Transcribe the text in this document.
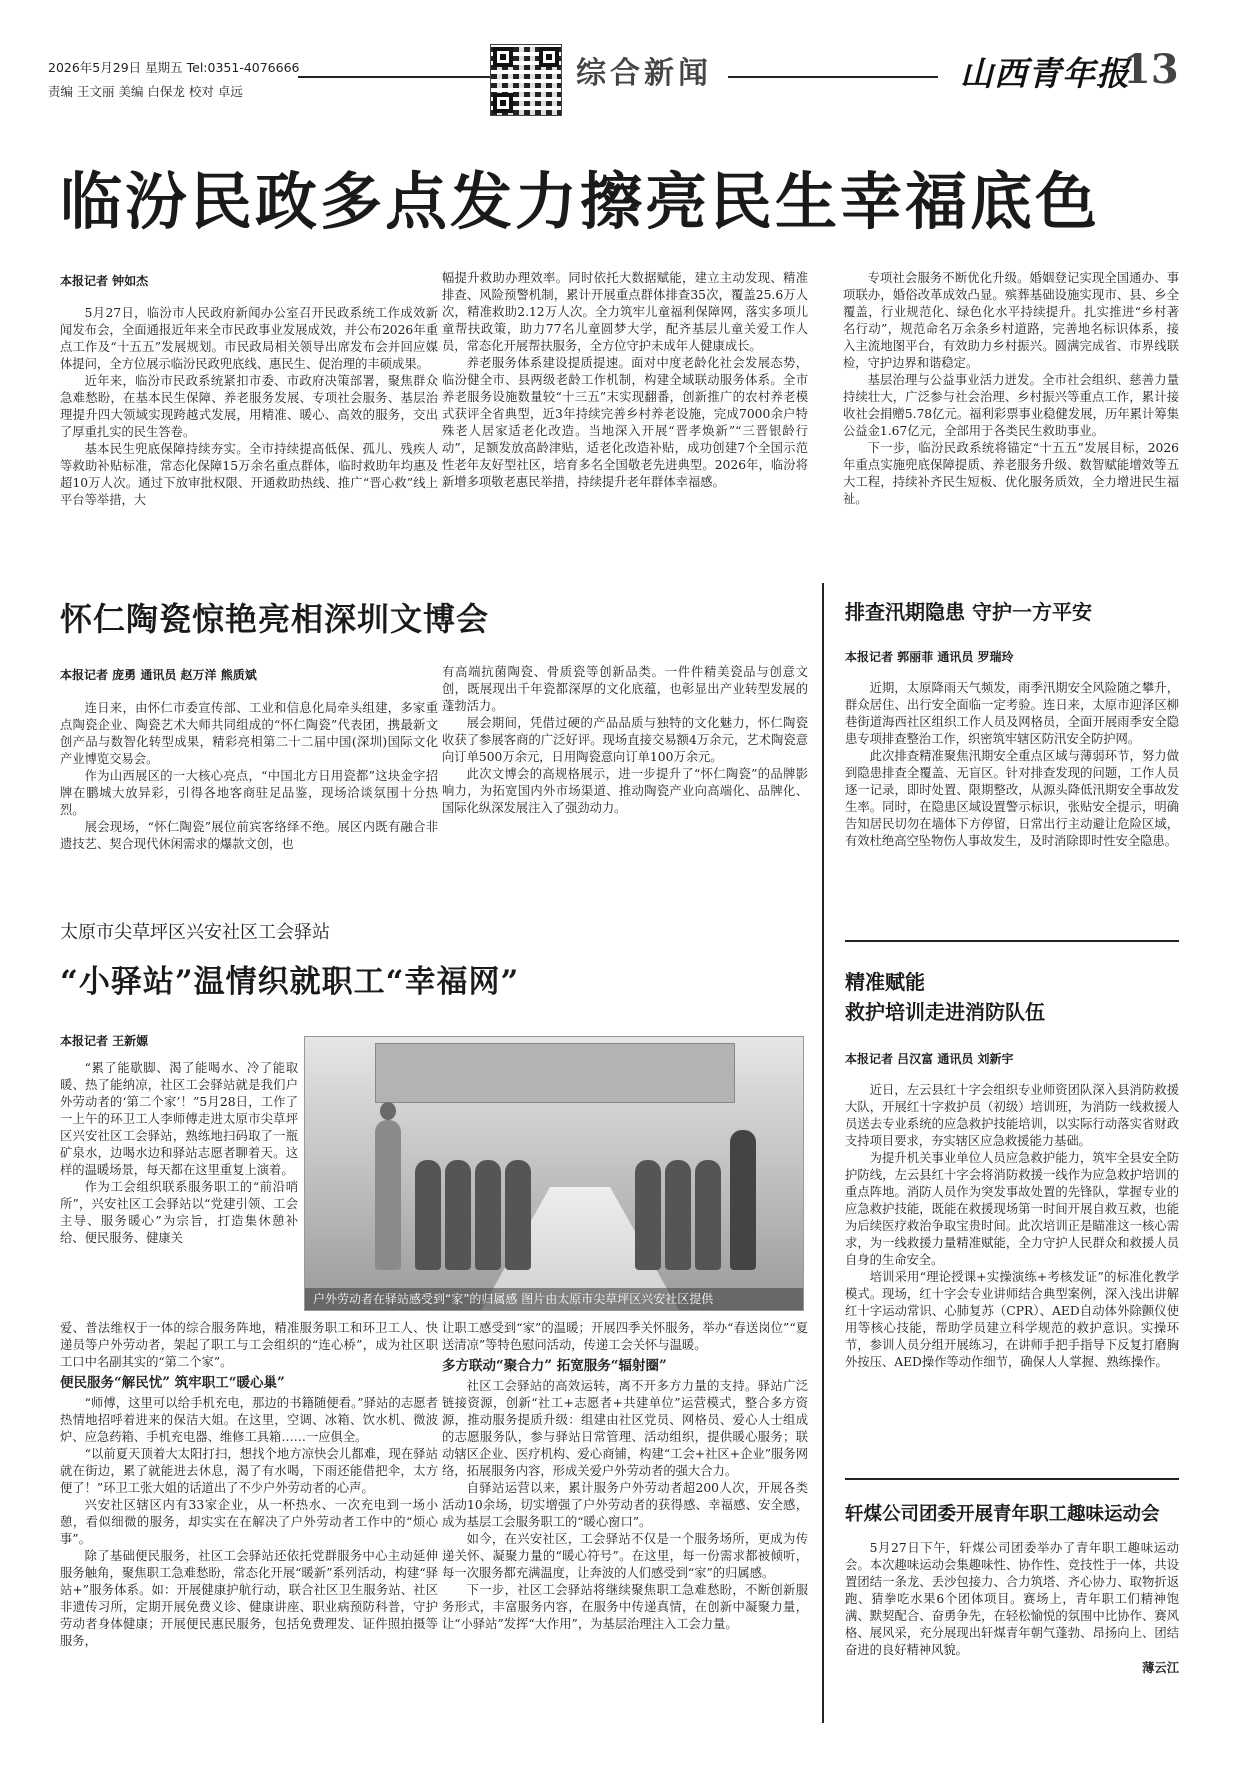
2026年5月29日 星期五 Tel:0351-4076666
责编 王文丽 美编 白保龙 校对 卓远
综合新闻	山西青年报
13
临汾民政多点发力擦亮民生幸福底色
本报记者 钟如杰

5月27日，临汾市人民政府新闻办公室召开民政系统工作成效新闻发布会，全面通报近年来全市民政事业发展成效，并公布2026年重点工作及“十五五”发展规划。市民政局相关领导出席发布会并回应媒体提问，全方位展示临汾民政兜底线、惠民生、促治理的丰硕成果。

近年来，临汾市民政系统紧扣市委、市政府决策部署，聚焦群众急难愁盼，在基本民生保障、养老服务发展、专项社会服务、基层治理提升四大领域实现跨越式发展，用精准、暖心、高效的服务，交出了厚重扎实的民生答卷。

基本民生兜底保障持续夯实。全市持续提高低保、孤儿、残疾人等救助补贴标准，常态化保障15万余名重点群体，临时救助年均惠及超10万人次。通过下放审批权限、开通救助热线、推广“晋心救”线上平台等举措，大

幅提升救助办理效率。同时依托大数据赋能，建立主动发现、精准排查、风险预警机制，累计开展重点群体排查35次，覆盖25.6万人次，精准救助2.12万人次。全力筑牢儿童福利保障网，落实多项儿童帮扶政策，助力77名儿童圆梦大学，配齐基层儿童关爱工作人员，常态化开展帮扶服务，全方位守护未成年人健康成长。

养老服务体系建设提质提速。面对中度老龄化社会发展态势，临汾健全市、县两级老龄工作机制，构建全域联动服务体系。全市养老服务设施数量较“十三五”末实现翻番，创新推广的农村养老模式获评全省典型，近3年持续完善乡村养老设施，完成7000余户特殊老人居家适老化改造。当地深入开展“晋孝焕新”“三晋银龄行动”，足额发放高龄津贴，适老化改造补贴，成功创建7个全国示范性老年友好型社区，培育多名全国敬老先进典型。2026年，临汾将新增多项敬老惠民举措，持续提升老年群体幸福感。

专项社会服务不断优化升级。婚姻登记实现全国通办、事项联办，婚俗改革成效凸显。殡葬基础设施实现市、县、乡全覆盖，行业规范化、绿色化水平持续提升。扎实推进“乡村著名行动”，规范命名万余条乡村道路，完善地名标识体系，接入主流地图平台，有效助力乡村振兴。圆满完成省、市界线联检，守护边界和谐稳定。

基层治理与公益事业活力迸发。全市社会组织、慈善力量持续壮大，广泛参与社会治理、乡村振兴等重点工作，累计接收社会捐赠5.78亿元。福利彩票事业稳健发展，历年累计筹集公益金1.67亿元，全部用于各类民生救助事业。

下一步，临汾民政系统将锚定“十五五”发展目标，2026年重点实施兜底保障提质、养老服务升级、数智赋能增效等五大工程，持续补齐民生短板、优化服务质效，全力增进民生福祉。

怀仁陶瓷惊艳亮相深圳文博会
本报记者 庞勇 通讯员 赵万洋 熊质斌

连日来，由怀仁市委宣传部、工业和信息化局牵头组建，多家重点陶瓷企业、陶瓷艺术大师共同组成的“怀仁陶瓷”代表团，携最新文创产品与数智化转型成果，精彩亮相第二十二届中国(深圳)国际文化产业博览交易会。

作为山西展区的一大核心亮点，“中国北方日用瓷都”这块金字招牌在鹏城大放异彩，引得各地客商驻足品鉴，现场洽谈氛围十分热烈。

展会现场，“怀仁陶瓷”展位前宾客络绎不绝。展区内既有融合非遗技艺、契合现代休闲需求的爆款文创，也

有高端抗菌陶瓷、骨质瓷等创新品类。一件件精美瓷品与创意文创，既展现出千年瓷都深厚的文化底蕴，也彰显出产业转型发展的蓬勃活力。

展会期间，凭借过硬的产品品质与独特的文化魅力，怀仁陶瓷收获了参展客商的广泛好评。现场直接交易额4万余元，艺术陶瓷意向订单500万余元，日用陶瓷意向订单100万余元。

此次文博会的高规格展示，进一步提升了“怀仁陶瓷”的品牌影响力，为拓宽国内外市场渠道、推动陶瓷产业向高端化、品牌化、国际化纵深发展注入了强劲动力。

排查汛期隐患 守护一方平安
本报记者 郭丽菲 通讯员 罗瑞玲

近期，太原降雨天气频发，雨季汛期安全风险随之攀升，群众居住、出行安全面临一定考验。连日来，太原市迎泽区柳巷街道海西社区组织工作人员及网格员，全面开展雨季安全隐患专项排查整治工作，织密筑牢辖区防汛安全防护网。

此次排查精准聚焦汛期安全重点区域与薄弱环节，努力做到隐患排查全覆盖、无盲区。针对排查发现的问题，工作人员逐一记录，即时处置、限期整改，从源头降低汛期安全事故发生率。同时，在隐患区域设置警示标识，张贴安全提示，明确告知居民切勿在墙体下方停留，日常出行主动避让危险区域，有效杜绝高空坠物伤人事故发生，及时消除即时性安全隐患。

太原市尖草坪区兴安社区工会驿站
“小驿站”温情织就职工“幸福网”
本报记者 王新嫄
户外劳动者在驿站感受到“家”的归属感 图片由太原市尖草坪区兴安社区提供

“累了能歇脚、渴了能喝水、冷了能取暖、热了能纳凉，社区工会驿站就是我们户外劳动者的‘第二个家’！”5月28日，工作了一上午的环卫工人李师傅走进太原市尖草坪区兴安社区工会驿站，熟练地扫码取了一瓶矿泉水，边喝水边和驿站志愿者聊着天。这样的温暖场景，每天都在这里重复上演着。

作为工会组织联系服务职工的“前沿哨所”，兴安社区工会驿站以“党建引领、工会主导、服务暖心”为宗旨，打造集休憩补给、便民服务、健康关

爱、普法维权于一体的综合服务阵地，精准服务职工和环卫工人、快递员等户外劳动者，架起了职工与工会组织的“连心桥”，成为社区职工口中名副其实的“第二个家”。

便民服务“解民忧” 筑牢职工“暖心巢”

“师傅，这里可以给手机充电，那边的书籍随便看。”驿站的志愿者热情地招呼着进来的保洁大姐。在这里，空调、冰箱、饮水机、微波炉、应急药箱、手机充电器、维修工具箱……一应俱全。

“以前夏天顶着大太阳打扫，想找个地方凉快会儿都难，现在驿站就在街边，累了就能进去休息，渴了有水喝，下雨还能借把伞，太方便了！”环卫工张大姐的话道出了不少户外劳动者的心声。

兴安社区辖区内有33家企业，从一杯热水、一次充电到一场小憩，看似细微的服务，却实实在在解决了户外劳动者工作中的“烦心事”。

除了基础便民服务，社区工会驿站还依托党群服务中心主动延伸服务触角，聚焦职工急难愁盼，常态化开展“暖新”系列活动，构建“驿站+”服务体系。如：开展健康护航行动，联合社区卫生服务站、社区非遗传习所，定期开展免费义诊、健康讲座、职业病预防科普，守护劳动者身体健康；开展便民惠民服务，包括免费理发、证件照拍摄等服务，

让职工感受到“家”的温暖；开展四季关怀服务，举办“春送岗位”“夏送清凉”等特色慰问活动，传递工会关怀与温暖。

多方联动“聚合力” 拓宽服务“辐射圈”

社区工会驿站的高效运转，离不开多方力量的支持。驿站广泛链接资源，创新“社工+志愿者+共建单位”运营模式，整合多方资源，推动服务提质升级：组建由社区党员、网格员、爱心人士组成的志愿服务队，参与驿站日常管理、活动组织，提供暖心服务；联动辖区企业、医疗机构、爱心商铺，构建“工会+社区+企业”服务网络，拓展服务内容，形成关爱户外劳动者的强大合力。

自驿站运营以来，累计服务户外劳动者超200人次，开展各类活动10余场，切实增强了户外劳动者的获得感、幸福感、安全感，成为基层工会服务职工的“暖心窗口”。

如今，在兴安社区，工会驿站不仅是一个服务场所，更成为传递关怀、凝聚力量的“暖心符号”。在这里，每一份需求都被倾听，每一次服务都充满温度，让奔波的人们感受到“家”的归属感。

下一步，社区工会驿站将继续聚焦职工急难愁盼，不断创新服务形式，丰富服务内容，在服务中传递真情，在创新中凝聚力量，让“小驿站”发挥“大作用”，为基层治理注入工会力量。

精准赋能
救护培训走进消防队伍
本报记者 吕汉富 通讯员 刘新宇

近日，左云县红十字会组织专业师资团队深入县消防救援大队，开展红十字救护员（初级）培训班，为消防一线救援人员送去专业系统的应急救护技能培训，以实际行动落实省财政支持项目要求，夯实辖区应急救援能力基础。

为提升机关事业单位人员应急救护能力，筑牢全县安全防护防线，左云县红十字会将消防救援一线作为应急救护培训的重点阵地。消防人员作为突发事故处置的先锋队，掌握专业的应急救护技能，既能在救援现场第一时间开展自救互救，也能为后续医疗救治争取宝贵时间。此次培训正是瞄准这一核心需求，为一线救援力量精准赋能，全力守护人民群众和救援人员自身的生命安全。

培训采用“理论授课+实操演练+考核发证”的标准化教学模式。现场，红十字会专业讲师结合典型案例，深入浅出讲解红十字运动常识、心肺复苏（CPR）、AED自动体外除颤仪使用等核心技能，帮助学员建立科学规范的救护意识。实操环节，参训人员分组开展练习，在讲师手把手指导下反复打磨胸外按压、AED操作等动作细节，确保人人掌握、熟练操作。

轩煤公司团委开展青年职工趣味运动会

5月27日下午，轩煤公司团委举办了青年职工趣味运动会。本次趣味运动会集趣味性、协作性、竞技性于一体，共设置团结一条龙、丢沙包接力、合力筑塔、齐心协力、取物折返跑、猜拳吃水果6个团体项目。赛场上，青年职工们精神饱满、默契配合、奋勇争先，在轻松愉悦的氛围中比协作、赛风格、展风采，充分展现出轩煤青年朝气蓬勃、昂扬向上、团结奋进的良好精神风貌。

薄云江
